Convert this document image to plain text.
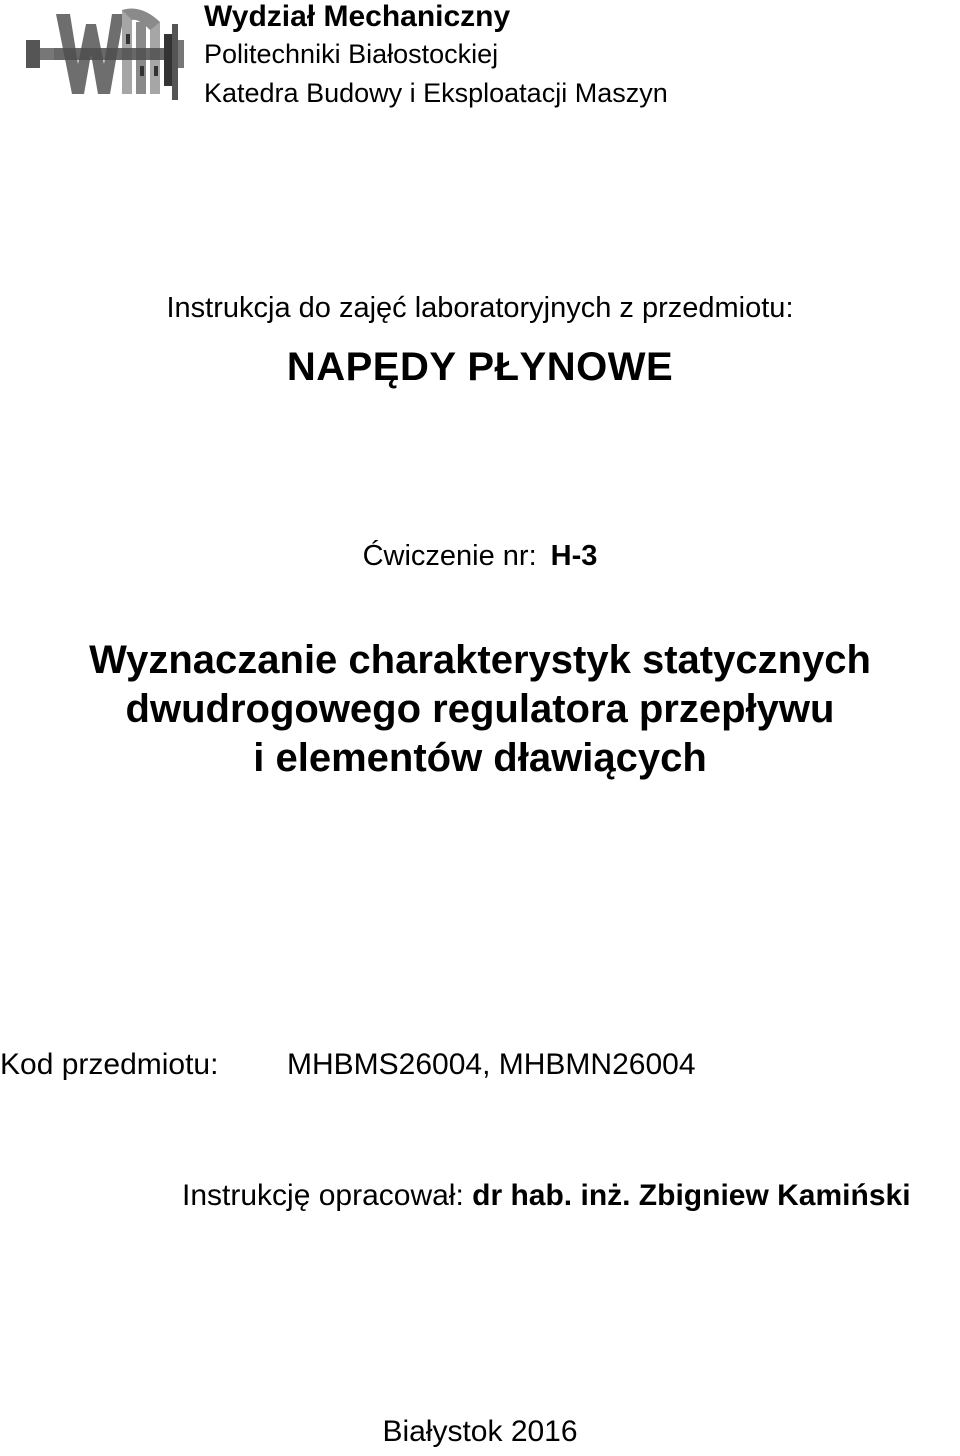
Wydział Mechaniczny
Politechniki Białostockiej
Katedra Budowy i Eksploatacji Maszyn
Instrukcja do zajęć laboratoryjnych z przedmiotu:
NAPĘDY PŁYNOWE
Ćwiczenie nr: H-3
Wyznaczanie charakterystyk statycznych
dwudrogowego regulatora przepływu
i elementów dławiących
Kod przedmiotu: MHBMS26004, MHBMN26004
Instrukcję opracował: dr hab. inż. Zbigniew Kamiński
Białystok 2016
